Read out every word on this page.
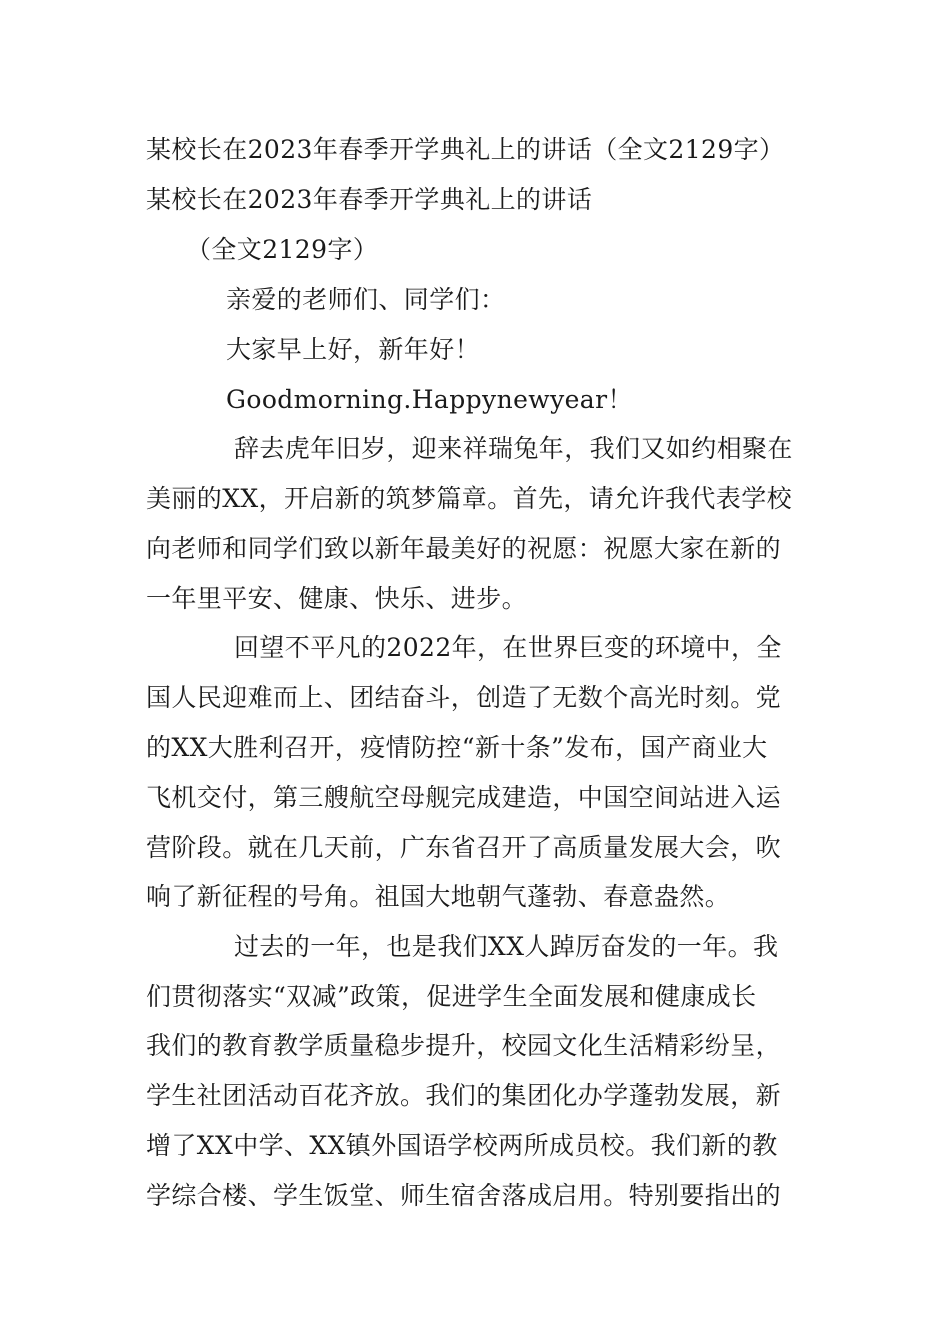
某校长在2023年春季开学典礼上的讲话（全文2129字）
某校长在2023年春季开学典礼上的讲话
（全文2129字）
亲爱的老师们、同学们：
大家早上好，新年好！
Goodmorning.Happynewyear！
辞去虎年旧岁，迎来祥瑞兔年，我们又如约相聚在
美丽的XX，开启新的筑梦篇章。首先，请允许我代表学校
向老师和同学们致以新年最美好的祝愿：祝愿大家在新的
一年里平安、健康、快乐、进步。
回望不平凡的2022年，在世界巨变的环境中，全
国人民迎难而上、团结奋斗，创造了无数个高光时刻。党
的XX大胜利召开，疫情防控“新十条”发布，国产商业大
飞机交付，第三艘航空母舰完成建造，中国空间站进入运
营阶段。就在几天前，广东省召开了高质量发展大会，吹
响了新征程的号角。祖国大地朝气蓬勃、春意盎然。
过去的一年，也是我们XX人踔厉奋发的一年。我
们贯彻落实“双减”政策，促进学生全面发展和健康成长
我们的教育教学质量稳步提升，校园文化生活精彩纷呈，
学生社团活动百花齐放。我们的集团化办学蓬勃发展，新
增了XX中学、XX镇外国语学校两所成员校。我们新的教
学综合楼、学生饭堂、师生宿舍落成启用。特别要指出的
